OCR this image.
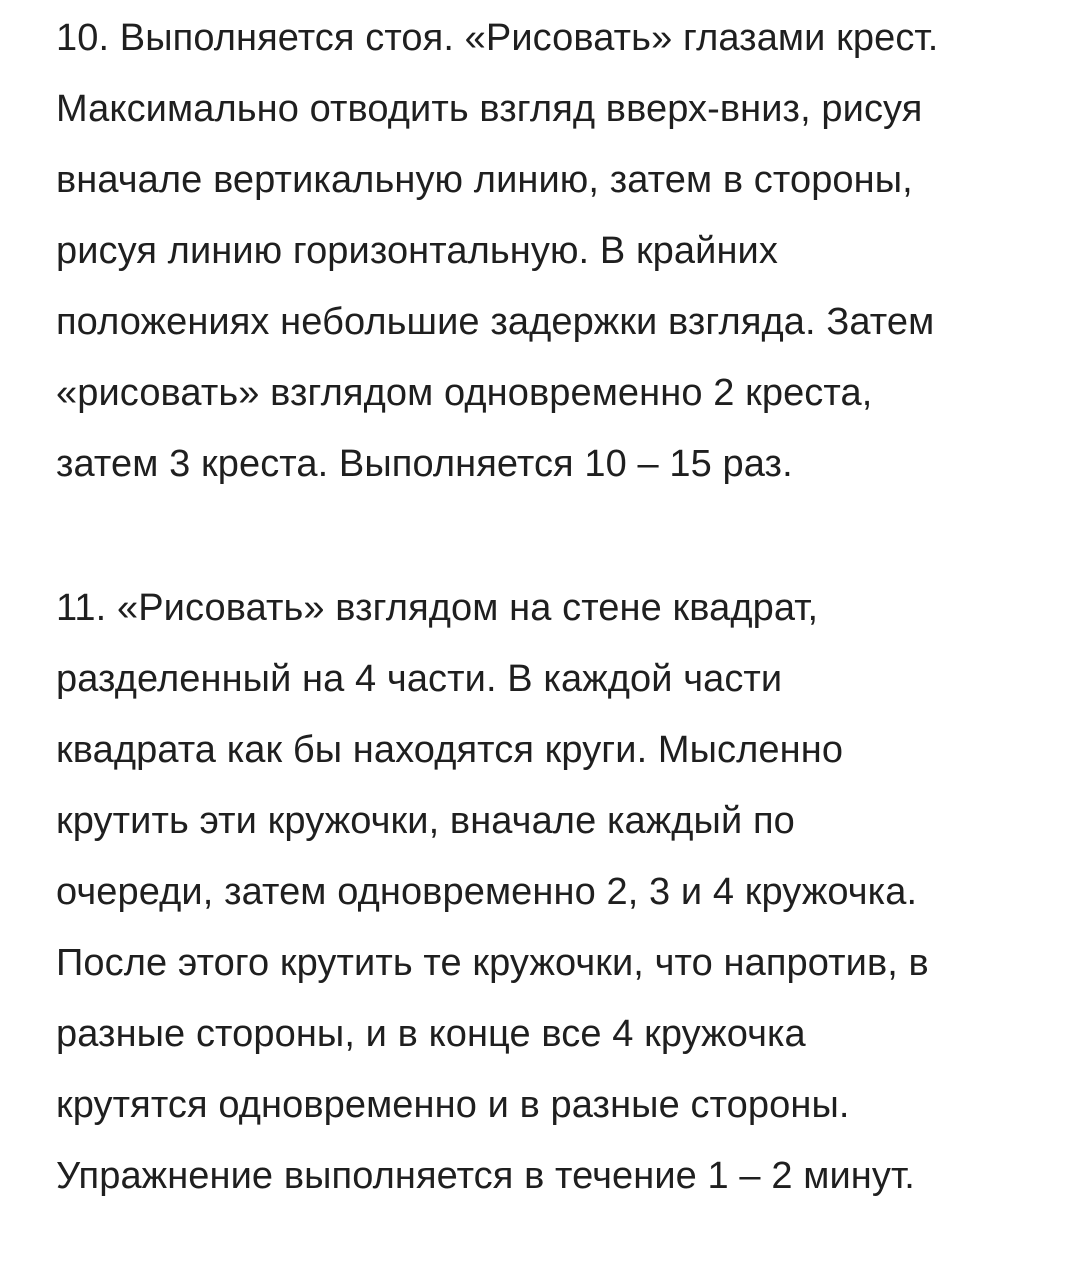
10. Выполняется стоя. «Рисовать» глазами крест.
Максимально отводить взгляд вверх-вниз, рисуя
вначале вертикальную линию, затем в стороны,
рисуя линию горизонтальную. В крайних
положениях небольшие задержки взгляда. Затем
«рисовать» взглядом одновременно 2 креста,
затем 3 креста. Выполняется 10 – 15 раз.

11. «Рисовать» взглядом на стене квадрат,
разделенный на 4 части. В каждой части
квадрата как бы находятся круги. Мысленно
крутить эти кружочки, вначале каждый по
очереди, затем одновременно 2, 3 и 4 кружочка.
После этого крутить те кружочки, что напротив, в
разные стороны, и в конце все 4 кружочка
крутятся одновременно и в разные стороны.
Упражнение выполняется в течение 1 – 2 минут.
